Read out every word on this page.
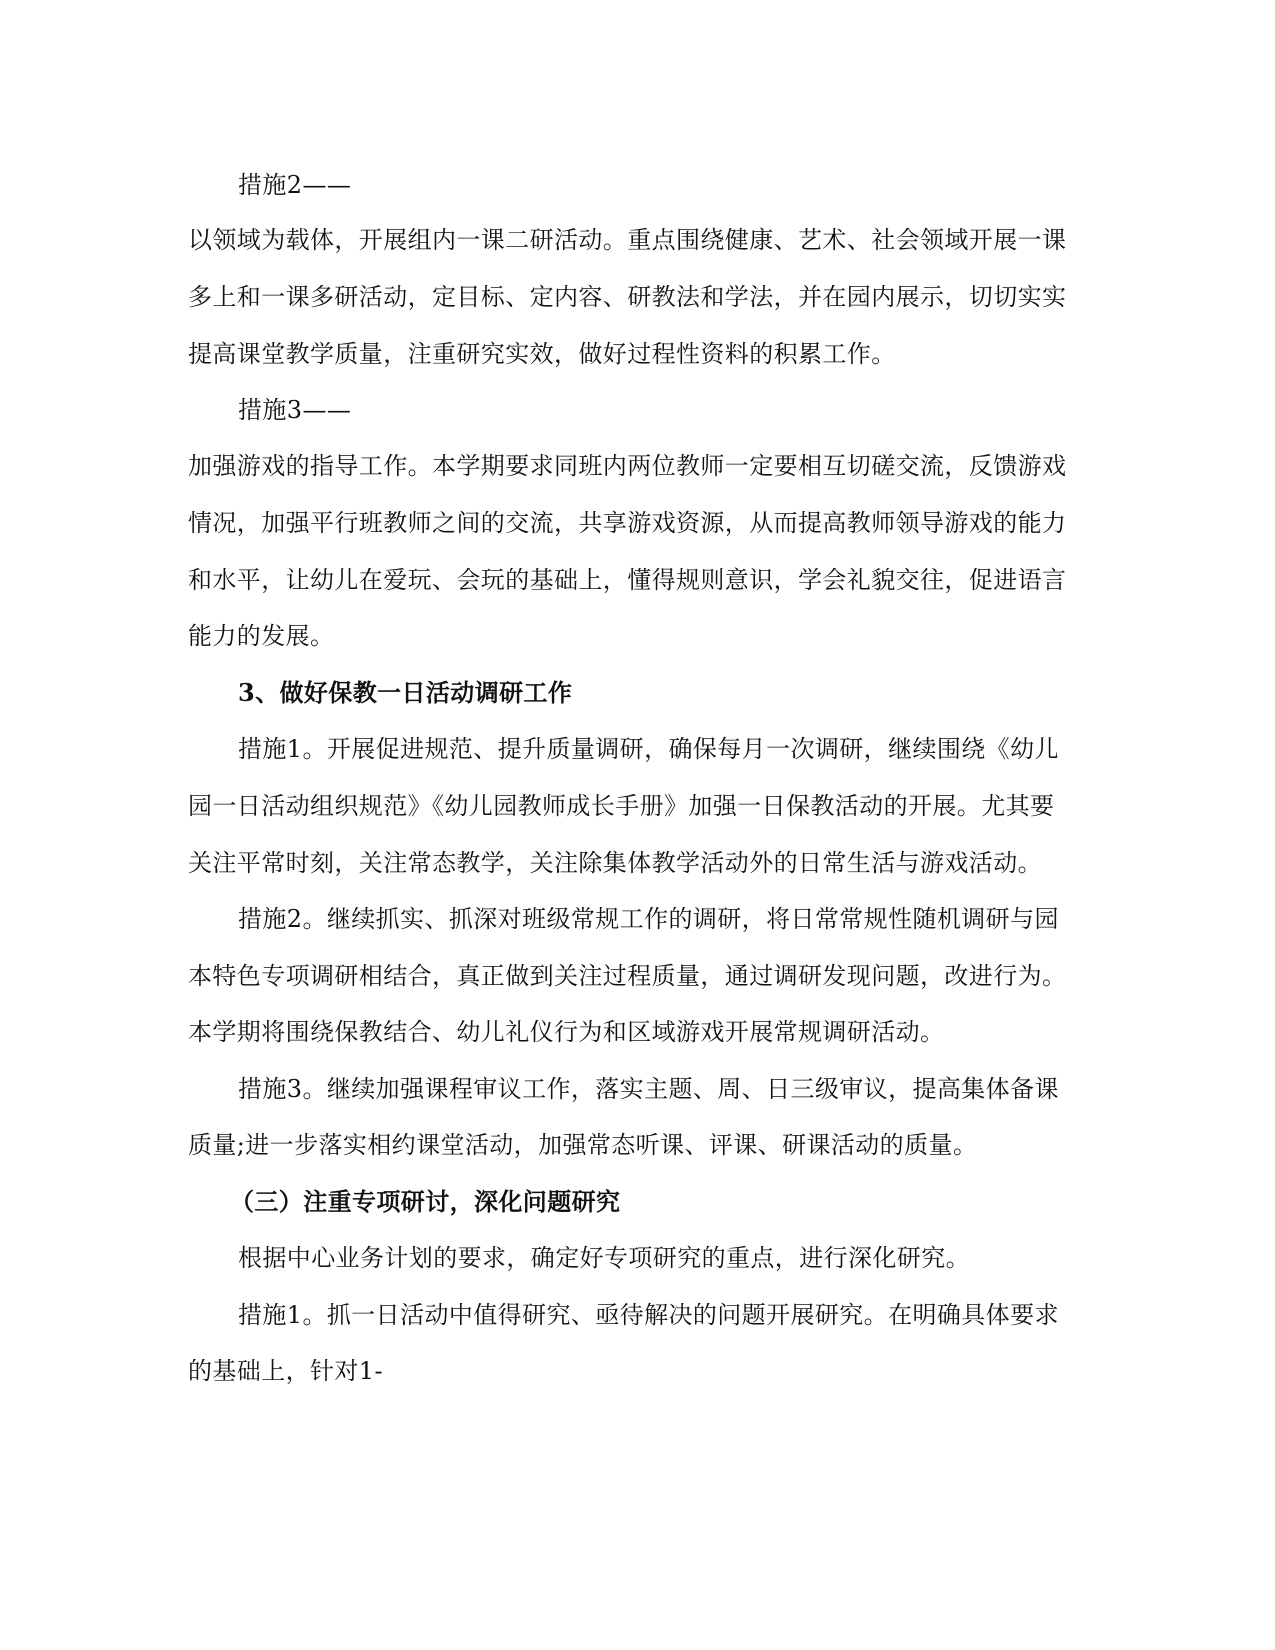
措施2——
以领域为载体，开展组内一课二研活动。重点围绕健康、艺术、社会领域开展一课
多上和一课多研活动，定目标、定内容、研教法和学法，并在园内展示，切切实实
提高课堂教学质量，注重研究实效，做好过程性资料的积累工作。
措施3——
加强游戏的指导工作。本学期要求同班内两位教师一定要相互切磋交流，反馈游戏
情况，加强平行班教师之间的交流，共享游戏资源，从而提高教师领导游戏的能力
和水平，让幼儿在爱玩、会玩的基础上，懂得规则意识，学会礼貌交往，促进语言
能力的发展。
3、做好保教一日活动调研工作
措施1。开展促进规范、提升质量调研，确保每月一次调研，继续围绕《幼儿
园一日活动组织规范》《幼儿园教师成长手册》加强一日保教活动的开展。尤其要
关注平常时刻，关注常态教学，关注除集体教学活动外的日常生活与游戏活动。
措施2。继续抓实、抓深对班级常规工作的调研，将日常常规性随机调研与园
本特色专项调研相结合，真正做到关注过程质量，通过调研发现问题，改进行为。
本学期将围绕保教结合、幼儿礼仪行为和区域游戏开展常规调研活动。
措施3。继续加强课程审议工作，落实主题、周、日三级审议，提高集体备课
质量;进一步落实相约课堂活动，加强常态听课、评课、研课活动的质量。
（三）注重专项研讨，深化问题研究
根据中心业务计划的要求，确定好专项研究的重点，进行深化研究。
措施1。抓一日活动中值得研究、亟待解决的问题开展研究。在明确具体要求
的基础上，针对1-
